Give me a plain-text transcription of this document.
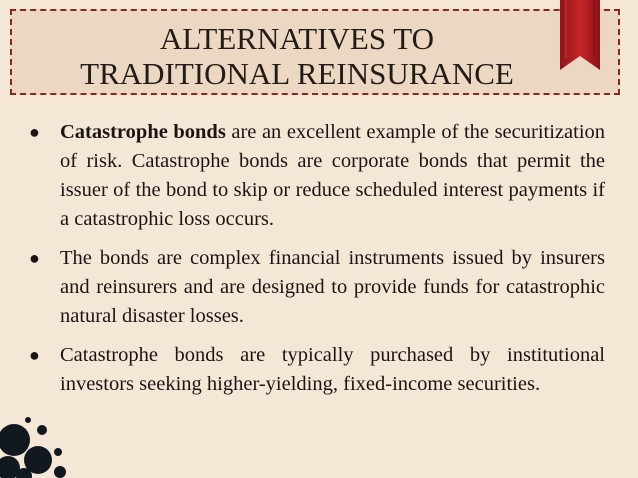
ALTERNATIVES TO
TRADITIONAL REINSURANCE
● Catastrophe bonds are an excellent example of the securitization of risk. Catastrophe bonds are corporate bonds that permit the issuer of the bond to skip or reduce scheduled interest payments if a catastrophic loss occurs.
● The bonds are complex financial instruments issued by insurers and reinsurers and are designed to provide funds for catastrophic natural disaster losses.
● Catastrophe bonds are typically purchased by institutional investors seeking higher-yielding, fixed-income securities.
